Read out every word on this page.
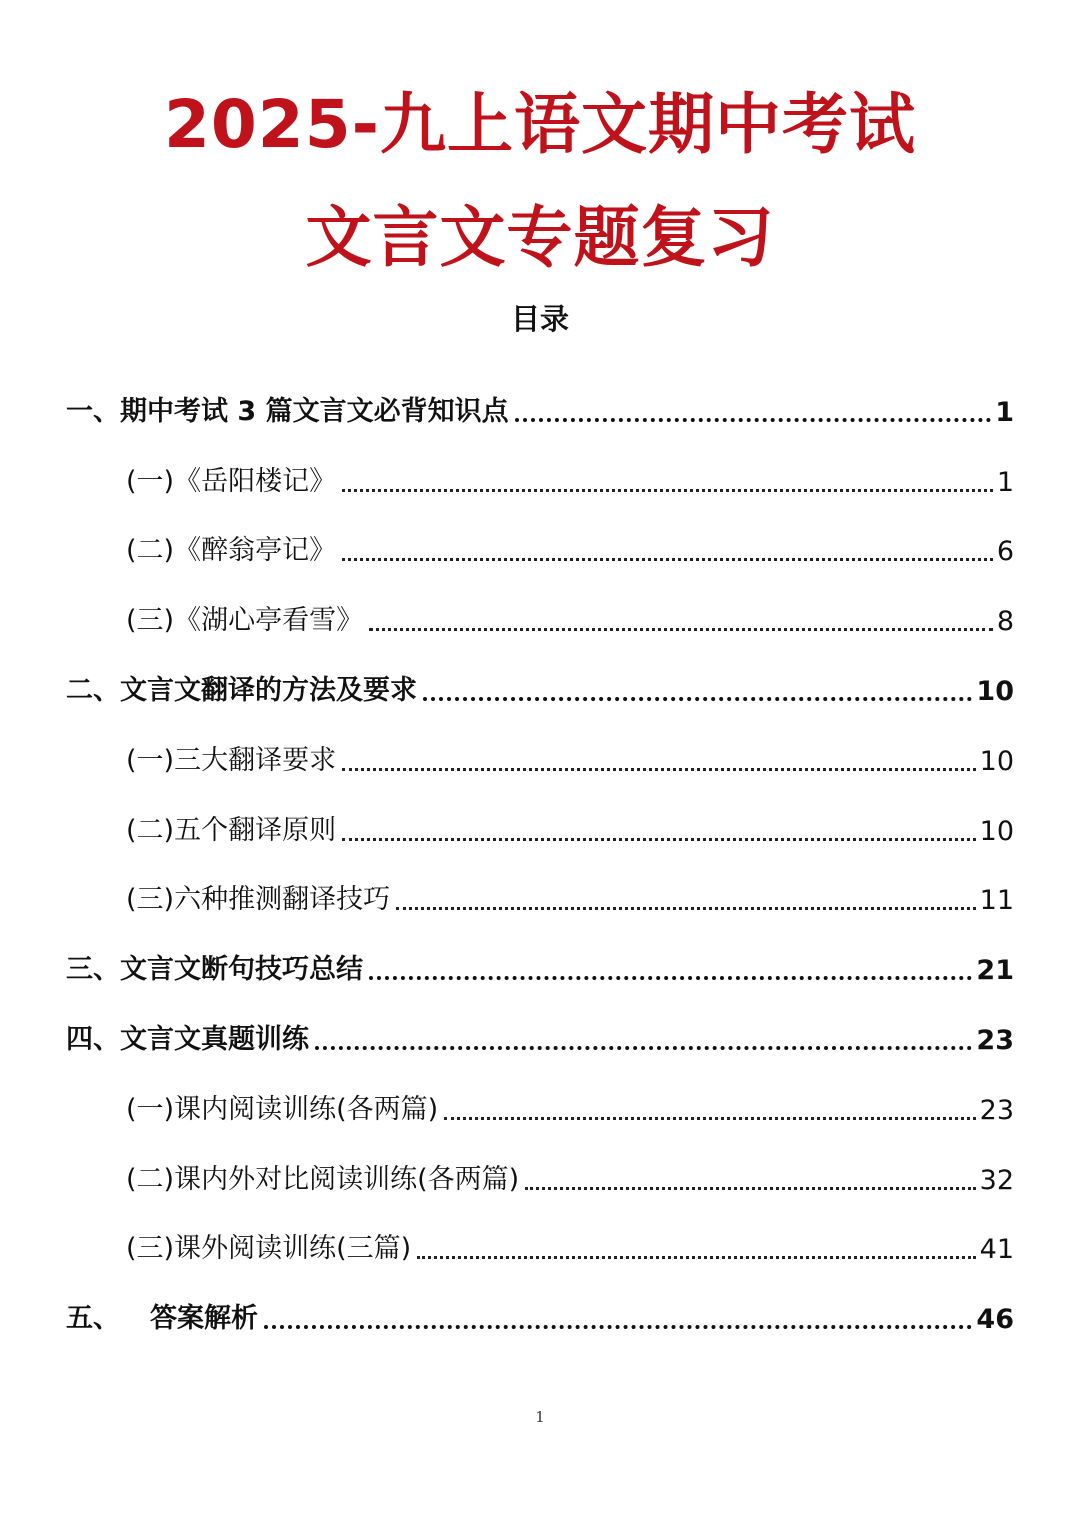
2025-九上语文期中考试
文言文专题复习
目录
一、期中考试 3 篇文言文必背知识点	1
(一)《岳阳楼记》	1
(二)《醉翁亭记》	6
(三)《湖心亭看雪》	8
二、文言文翻译的方法及要求	10
(一)三大翻译要求	10
(二)五个翻译原则	10
(三)六种推测翻译技巧	11
三、文言文断句技巧总结	21
四、文言文真题训练	23
(一)课内阅读训练(各两篇)	23
(二)课内外对比阅读训练(各两篇)	32
(三)课外阅读训练(三篇)	41
五、 答案解析	46
1
